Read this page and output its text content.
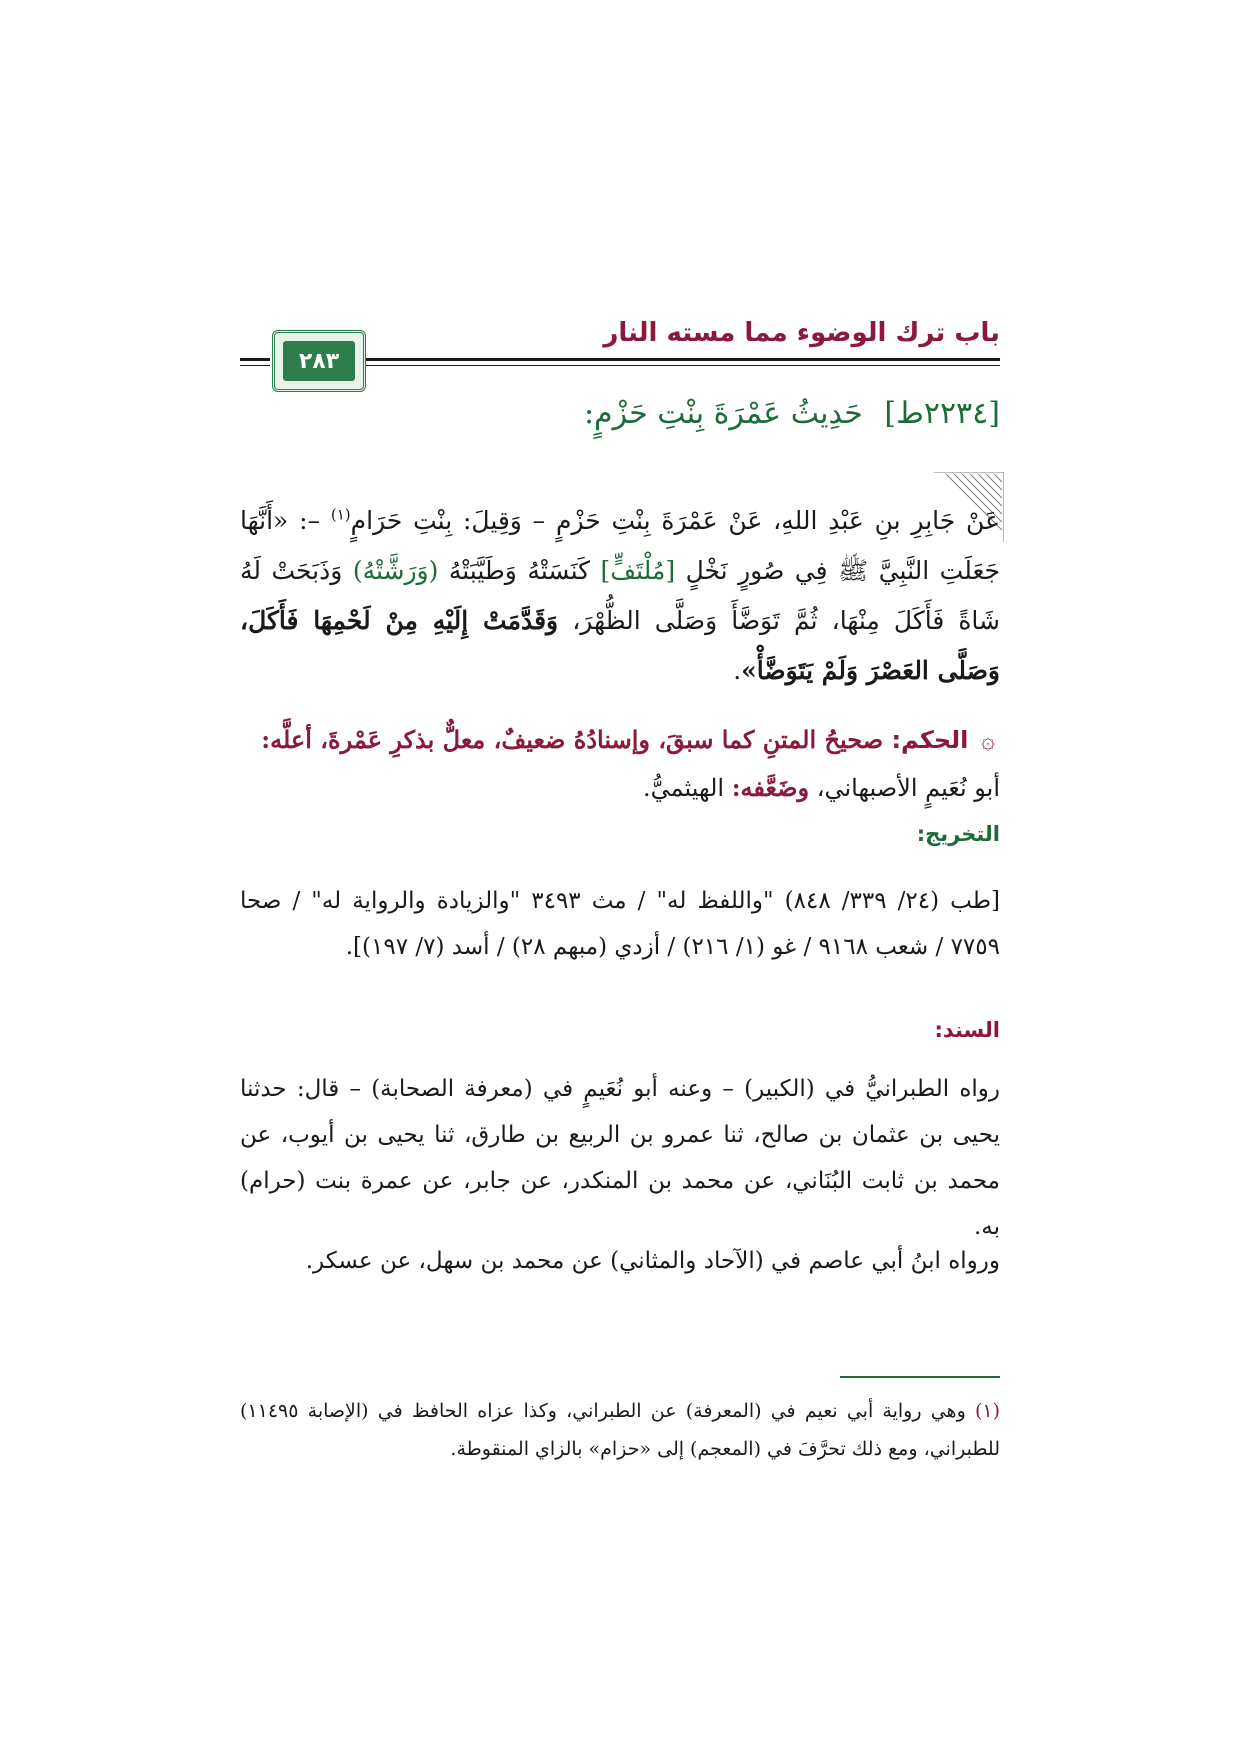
باب ترك الوضوء مما مسته النار
٢٨٣
[٢٢٣٤ط] حَدِيثُ عَمْرَةَ بِنْتِ حَزْمٍ:
عَنْ جَابِرِ بنِ عَبْدِ اللهِ، عَنْ عَمْرَةَ بِنْتِ حَزْمٍ – وَقِيلَ: بِنْتِ حَرَامٍ$^{(١)}$ –: «أَنَّهَا جَعَلَتِ النَّبِيَّ ﷺ فِي صُورٍ نَخْلٍ [مُلْتَفٍّ] كَنَسَتْهُ وَطَيَّبَتْهُ (وَرَشَّتْهُ) وَذَبَحَتْ لَهُ شَاةً فَأَكَلَ مِنْهَا، ثُمَّ تَوَضَّأَ وَصَلَّى الظُّهْرَ، وَقَدَّمَتْ إِلَيْهِ مِنْ لَحْمِهَا فَأَكَلَ، وَصَلَّى العَصْرَ وَلَمْ يَتَوَضَّأْ».
۞ الحكم: صحيحُ المتنِ كما سبقَ، وإسنادُهُ ضعيفٌ، معلٌّ بذكرِ عَمْرةَ، أعلَّه: أبو نُعَيمٍ الأصبهاني، وضَعَّفه: الهيثميُّ.
التخريج:
[طب (٢٤/ ٣٣٩/ ٨٤٨) "واللفظ له" / مث ٣٤٩٣ "والزيادة والرواية له" / صحا ٧٧٥٩ / شعب ٩١٦٨ / غو (١/ ٢١٦) / أزدي (مبهم ٢٨) / أسد (٧/ ١٩٧)].
السند:
رواه الطبرانيُّ في (الكبير) – وعنه أبو نُعَيمٍ في (معرفة الصحابة) – قال: حدثنا يحيى بن عثمان بن صالح، ثنا عمرو بن الربيع بن طارق، ثنا يحيى بن أيوب، عن محمد بن ثابت البُنَاني، عن محمد بن المنكدر، عن جابر، عن عمرة بنت (حرام) به.
ورواه ابنُ أبي عاصم في (الآحاد والمثاني) عن محمد بن سهل، عن عسكر.
(١) وهي رواية أبي نعيم في (المعرفة) عن الطبراني، وكذا عزاه الحافظ في (الإصابة ١١٤٩٥) للطبراني، ومع ذلك تحرَّفَ في (المعجم) إلى «حزام» بالزاي المنقوطة.
